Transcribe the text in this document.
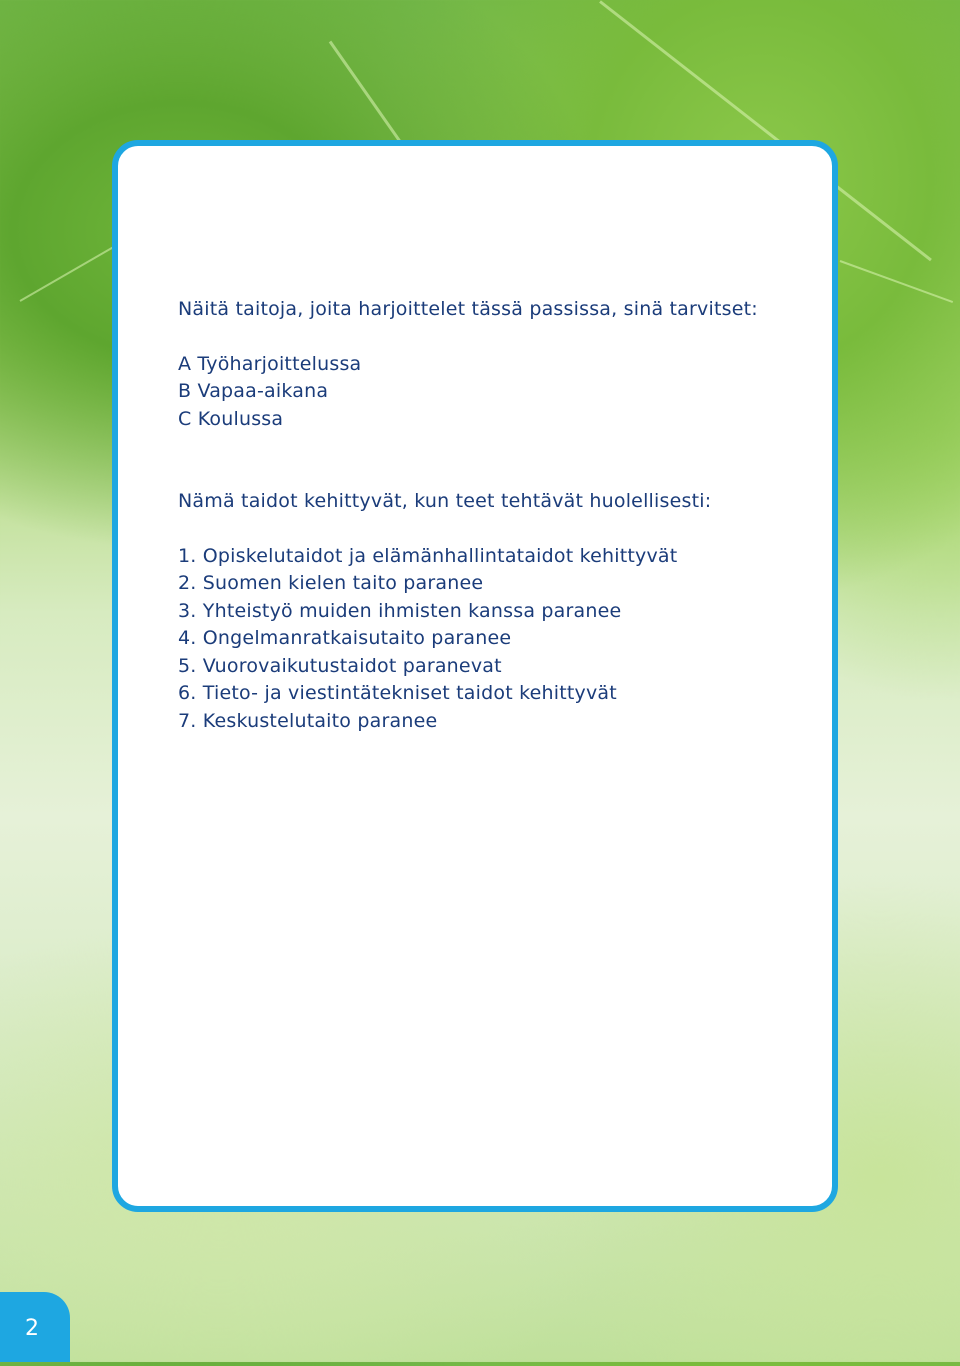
Näitä taitoja, joita harjoittelet tässä passissa, sinä tarvitset:

A Työharjoittelussa

B Vapaa-aikana

C Koulussa

Nämä taidot kehittyvät, kun teet tehtävät huolellisesti:

1. Opiskelutaidot ja elämänhallintataidot kehittyvät

2. Suomen kielen taito paranee

3. Yhteistyö muiden ihmisten kanssa paranee

4. Ongelmanratkaisutaito paranee

5. Vuorovaikutustaidot paranevat

6. Tieto- ja viestintätekniset taidot kehittyvät

7. Keskustelutaito paranee

2
